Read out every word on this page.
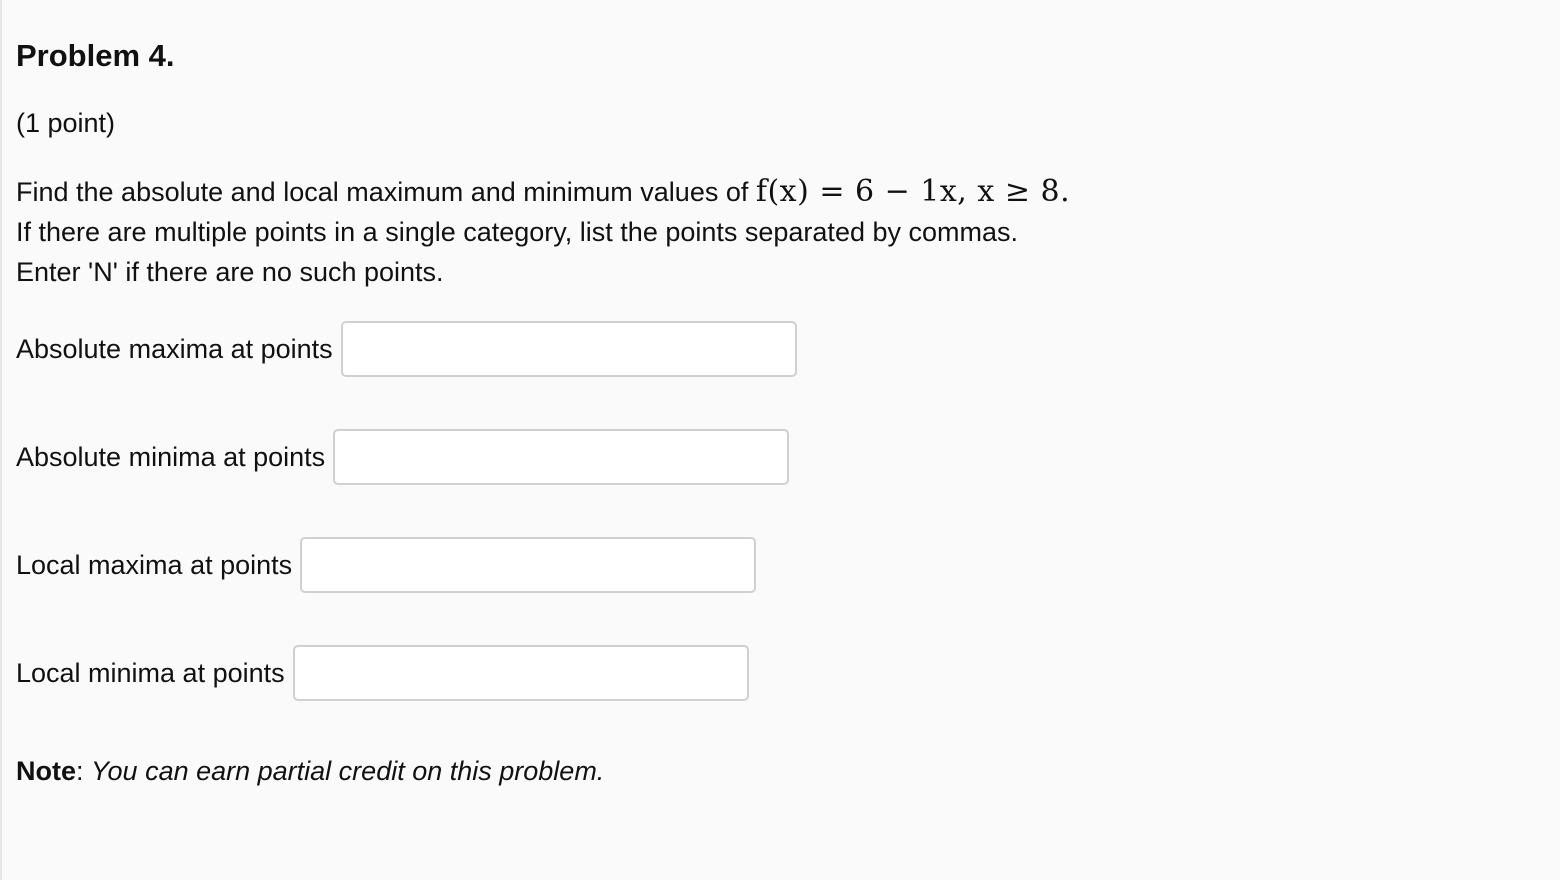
Problem 4.
(1 point)
Find the absolute and local maximum and minimum values of f(x) = 6 − 1x, x ≥ 8.
If there are multiple points in a single category, list the points separated by commas.
Enter 'N' if there are no such points.
Absolute maxima at points
Absolute minima at points
Local maxima at points
Local minima at points
Note: You can earn partial credit on this problem.
